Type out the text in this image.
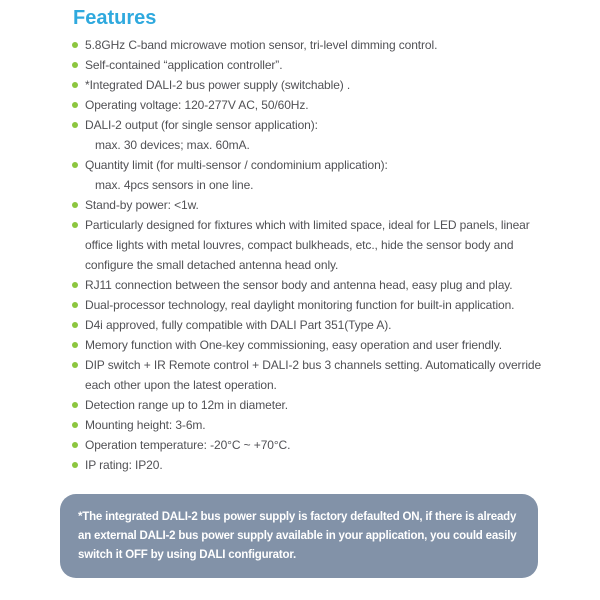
Features
5.8GHz C-band microwave motion sensor, tri-level dimming control.
Self-contained “application controller”.
*Integrated DALI-2 bus power supply (switchable) .
Operating voltage: 120-277V AC, 50/60Hz.
DALI-2 output (for single sensor application):
max. 30 devices; max. 60mA.
Quantity limit (for multi-sensor / condominium application):
max. 4pcs sensors in one line.
Stand-by power: <1w.
Particularly designed for fixtures which with limited space, ideal for LED panels, linear
office lights with metal louvres, compact bulkheads, etc., hide the sensor body and
configure the small detached antenna head only.
RJ11 connection between the sensor body and antenna head, easy plug and play.
Dual-processor technology, real daylight monitoring function for built-in application.
D4i approved, fully compatible with DALI Part 351(Type A).
Memory function with One-key commissioning, easy operation and user friendly.
DIP switch + IR Remote control + DALI-2 bus 3 channels setting. Automatically override
each other upon the latest operation.
Detection range up to 12m in diameter.
Mounting height: 3-6m.
Operation temperature: -20°C ~ +70°C.
IP rating: IP20.
*The integrated DALI-2 bus power supply is factory defaulted ON, if there is already
an external DALI-2 bus power supply available in your application, you could easily
switch it OFF by using DALI configurator.
